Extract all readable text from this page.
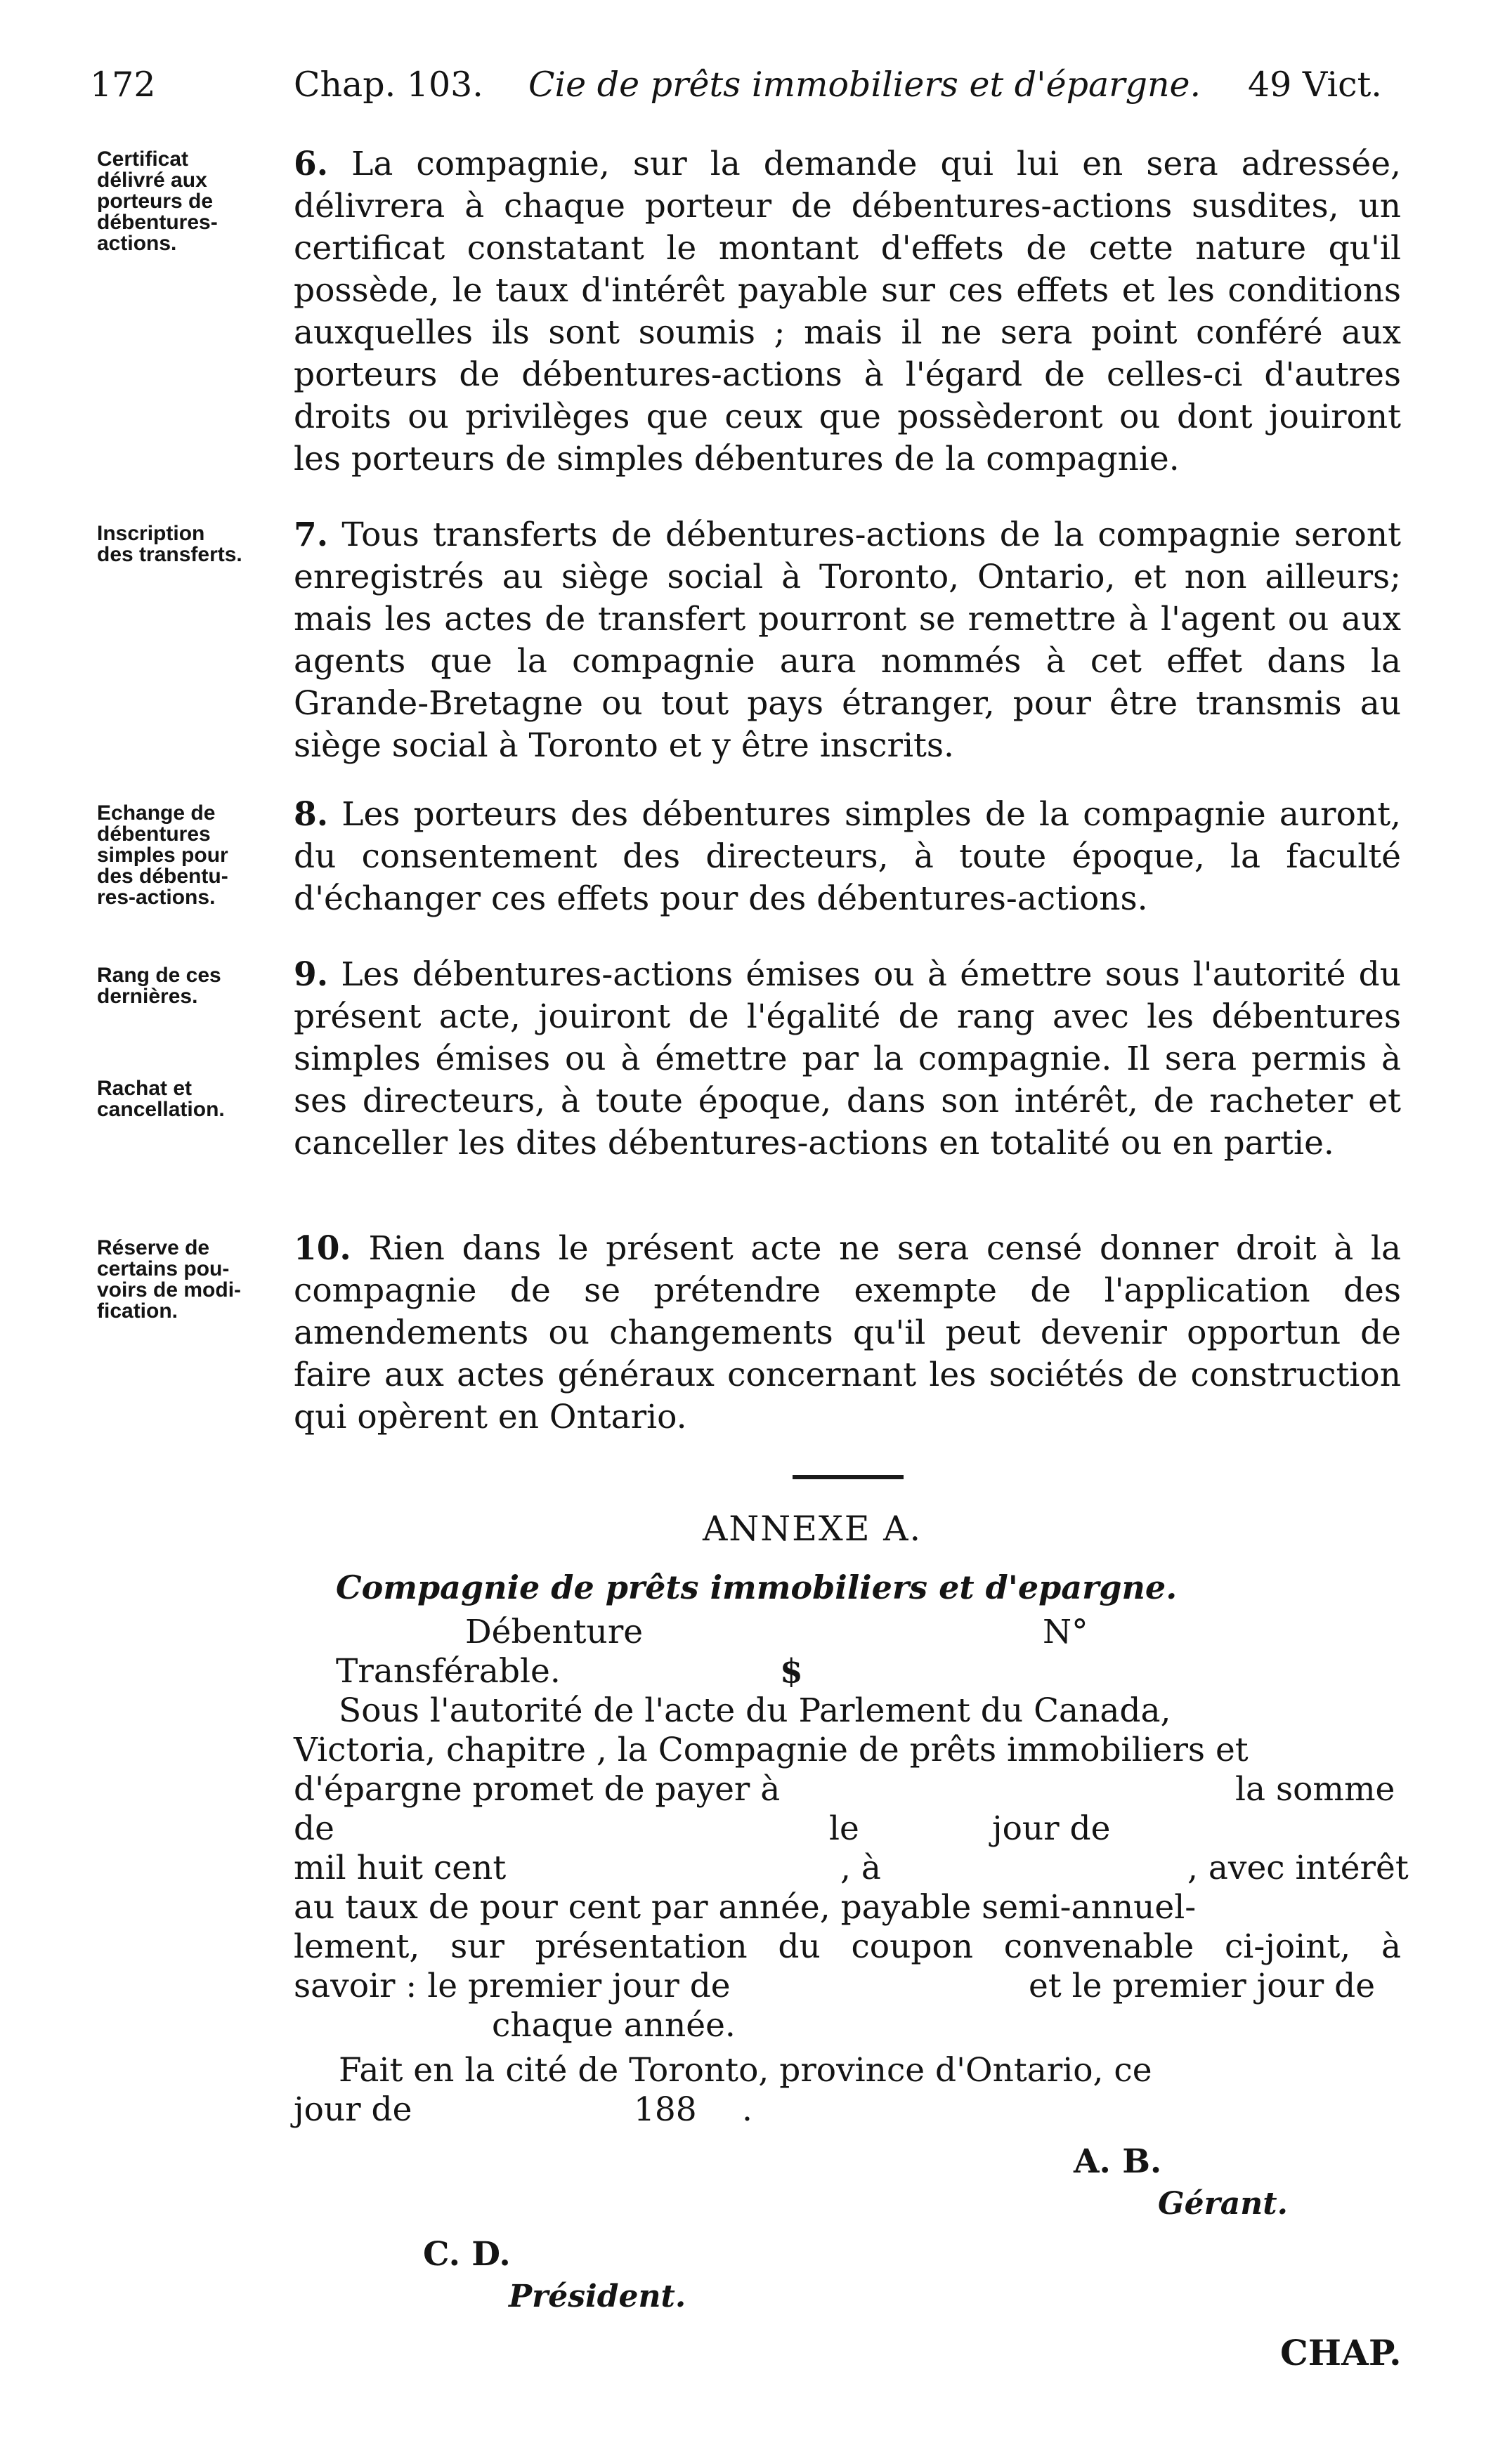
172	Chap. 103. Cie de prêts immobiliers et d'épargne. 49 Vict.
Certificat
délivré aux
porteurs de
débentures-
actions.

6. La compagnie, sur la demande qui lui en sera adressée, délivrera à chaque porteur de débentures-actions susdites, un certificat constatant le montant d'effets de cette nature qu'il possède, le taux d'intérêt payable sur ces effets et les conditions auxquelles ils sont soumis ; mais il ne sera point conféré aux porteurs de débentures-actions à l'égard de celles-ci d'autres droits ou privilèges que ceux que possèderont ou dont jouiront les porteurs de simples débentures de la compagnie.

Inscription
des transferts.

7. Tous transferts de débentures-actions de la compagnie seront enregistrés au siège social à Toronto, Ontario, et non ailleurs; mais les actes de transfert pourront se remettre à l'agent ou aux agents que la compagnie aura nommés à cet effet dans la Grande-Bretagne ou tout pays étranger, pour être transmis au siège social à Toronto et y être inscrits.

Echange de
débentures
simples pour
des débentu-
res-actions.

8. Les porteurs des débentures simples de la compagnie auront, du consentement des directeurs, à toute époque, la faculté d'échanger ces effets pour des débentures-actions.

Rang de ces
dernières.
Rachat et
cancellation.

9. Les débentures-actions émises ou à émettre sous l'autorité du présent acte, jouiront de l'égalité de rang avec les débentures simples émises ou à émettre par la compagnie. Il sera permis à ses directeurs, à toute époque, dans son intérêt, de racheter et canceller les dites débentures-actions en totalité ou en partie.

Réserve de
certains pou-
voirs de modi-
fication.

10. Rien dans le présent acte ne sera censé donner droit à la compagnie de se prétendre exempte de l'application des amendements ou changements qu'il peut devenir opportun de faire aux actes généraux concernant les sociétés de construction qui opèrent en Ontario.

ANNEXE A.
Compagnie de prêts immobiliers et d'epargne.
Débenture	N°
Transférable.	$
Sous l'autorité de l'acte du Parlement du Canada,
Victoria, chapitre , la Compagnie de prêts immobiliers et
d'épargne promet de payer à	la somme
de	le	jour de
mil huit cent	, à	, avec intérêt
au taux de pour cent par année, payable semi-annuel-
lement, sur présentation du coupon convenable ci-joint, à
savoir : le premier jour de	et le premier jour de
chaque année.
Fait en la cité de Toronto, province d'Ontario, ce
jour de	188 .
A. B.
Gérant.
C. D.
Président.
CHAP.
